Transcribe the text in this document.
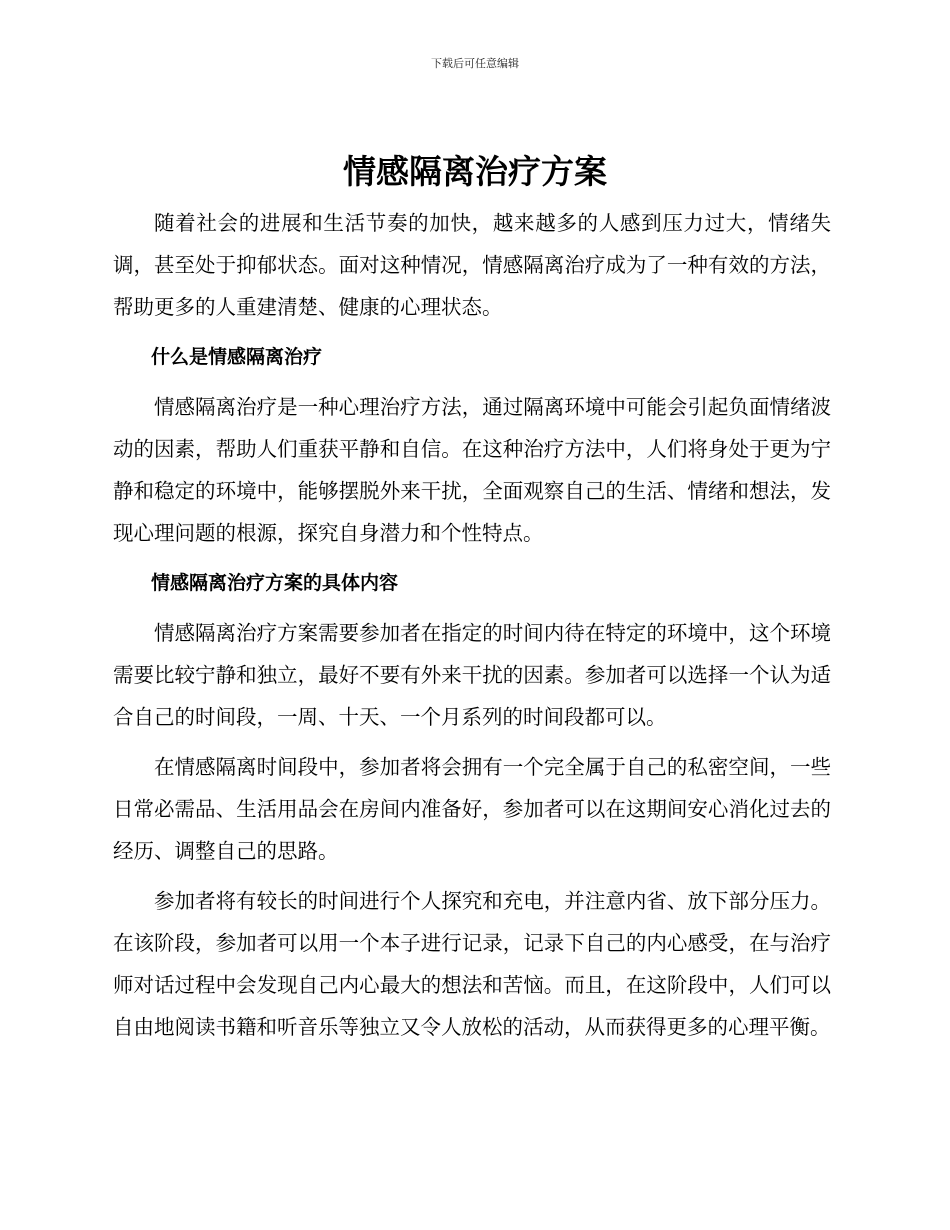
下载后可任意编辑
情感隔离治疗方案

随着社会的进展和生活节奏的加快，越来越多的人感到压力过大，情绪失调，甚至处于抑郁状态。面对这种情况，情感隔离治疗成为了一种有效的方法，帮助更多的人重建清楚、健康的心理状态。

什么是情感隔离治疗

情感隔离治疗是一种心理治疗方法，通过隔离环境中可能会引起负面情绪波动的因素，帮助人们重获平静和自信。在这种治疗方法中，人们将身处于更为宁静和稳定的环境中，能够摆脱外来干扰，全面观察自己的生活、情绪和想法，发现心理问题的根源，探究自身潜力和个性特点。

情感隔离治疗方案的具体内容

情感隔离治疗方案需要参加者在指定的时间内待在特定的环境中，这个环境需要比较宁静和独立，最好不要有外来干扰的因素。参加者可以选择一个认为适合自己的时间段，一周、十天、一个月系列的时间段都可以。

在情感隔离时间段中，参加者将会拥有一个完全属于自己的私密空间，一些日常必需品、生活用品会在房间内准备好，参加者可以在这期间安心消化过去的经历、调整自己的思路。

参加者将有较长的时间进行个人探究和充电，并注意内省、放下部分压力。在该阶段，参加者可以用一个本子进行记录，记录下自己的内心感受，在与治疗师对话过程中会发现自己内心最大的想法和苦恼。而且，在这阶段中，人们可以自由地阅读书籍和听音乐等独立又令人放松的活动，从而获得更多的心理平衡。
